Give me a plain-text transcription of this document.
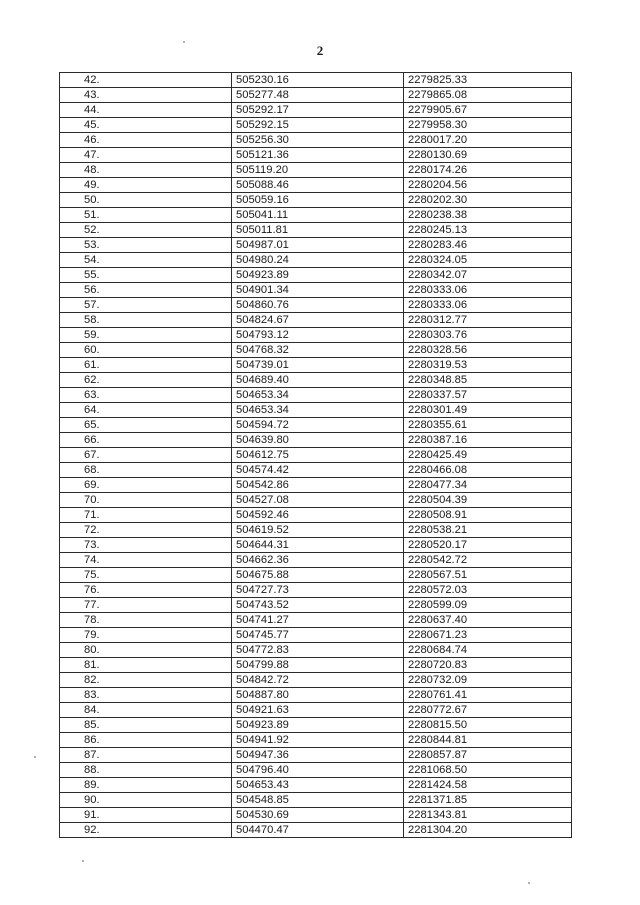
2
42.	505230.16	2279825.33
43.	505277.48	2279865.08
44.	505292.17	2279905.67
45.	505292.15	2279958.30
46.	505256.30	2280017.20
47.	505121.36	2280130.69
48.	505119.20	2280174.26
49.	505088.46	2280204.56
50.	505059.16	2280202.30
51.	505041.11	2280238.38
52.	505011.81	2280245.13
53.	504987.01	2280283.46
54.	504980.24	2280324.05
55.	504923.89	2280342.07
56.	504901.34	2280333.06
57.	504860.76	2280333.06
58.	504824.67	2280312.77
59.	504793.12	2280303.76
60.	504768.32	2280328.56
61.	504739.01	2280319.53
62.	504689.40	2280348.85
63.	504653.34	2280337.57
64.	504653.34	2280301.49
65.	504594.72	2280355.61
66.	504639.80	2280387.16
67.	504612.75	2280425.49
68.	504574.42	2280466.08
69.	504542.86	2280477.34
70.	504527.08	2280504.39
71.	504592.46	2280508.91
72.	504619.52	2280538.21
73.	504644.31	2280520.17
74.	504662.36	2280542.72
75.	504675.88	2280567.51
76.	504727.73	2280572.03
77.	504743.52	2280599.09
78.	504741.27	2280637.40
79.	504745.77	2280671.23
80.	504772.83	2280684.74
81.	504799.88	2280720.83
82.	504842.72	2280732.09
83.	504887.80	2280761.41
84.	504921.63	2280772.67
85.	504923.89	2280815.50
86.	504941.92	2280844.81
87.	504947.36	2280857.87
88.	504796.40	2281068.50
89.	504653.43	2281424.58
90.	504548.85	2281371.85
91.	504530.69	2281343.81
92.	504470.47	2281304.20
